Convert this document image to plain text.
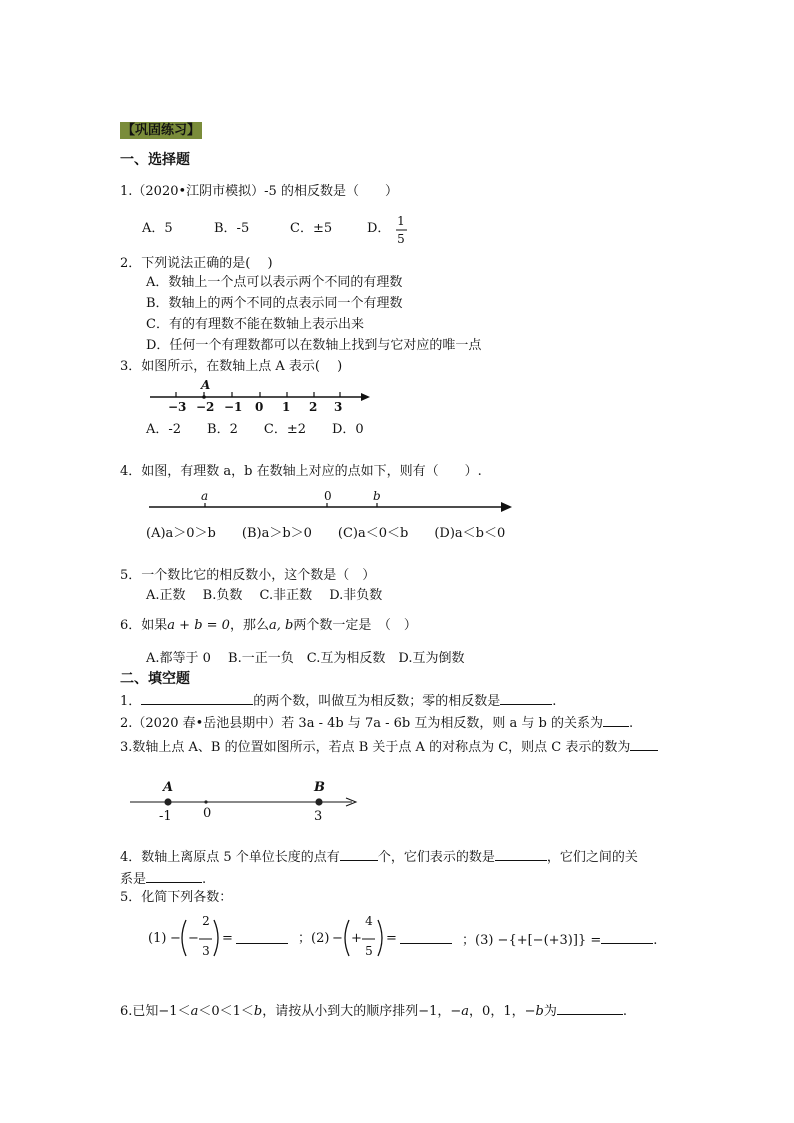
【巩固练习】
一、选择题
1.（2020•江阴市模拟）-5 的相反数是（　　）
A．5	B．-5	C．±5	D． 1
5
2．下列说法正确的是(　 )
A．数轴上一个点可以表示两个不同的有理数
B．数轴上的两个不同的点表示同一个有理数
C．有的有理数不能在数轴上表示出来
D．任何一个有理数都可以在数轴上找到与它对应的唯一点
3．如图所示，在数轴上点 A 表示(　 )
A
−3 −2 −1 0 1 2 3
A．-2　　B．2　　C．±2　　D．0
4．如图，有理数 a，b 在数轴上对应的点如下，则有（　　）.
a	0	b
(A)a＞0＞b　　(B)a＞b＞0　　(C)a＜0＜b　　(D)a＜b＜0
5．一个数比它的相反数小，这个数是（　）
A.正数　 B.负数　 C.非正数　 D.非负数
6．如果a + b = 0，那么a, b两个数一定是　（　）
A.都等于 0　 B.一正一负　C.互为相反数　D.互为倒数
二、填空题
1．	的两个数，叫做互为相反数；零的相反数是	.
2.（2020 春•岳池县期中）若 3a - 4b 与 7a - 6b 互为相反数，则 a 与 b 的关系为 .
3.数轴上点 A、B 的位置如图所示，若点 B 关于点 A 的对称点为 C，则点 C 表示的数为
A	B
-1 0	3
4．数轴上离原点 5 个单位长度的点有	个，它们表示的数是	，它们之间的关
系是	.
5．化简下列各数：
(1) − −
2
3
=	；(2) − +
4
5
=	；(3) −{+[−(+3)]} =	.
6.已知−1＜a＜0＜1＜b，请按从小到大的顺序排列−1，−a，0，1，−b为	.
